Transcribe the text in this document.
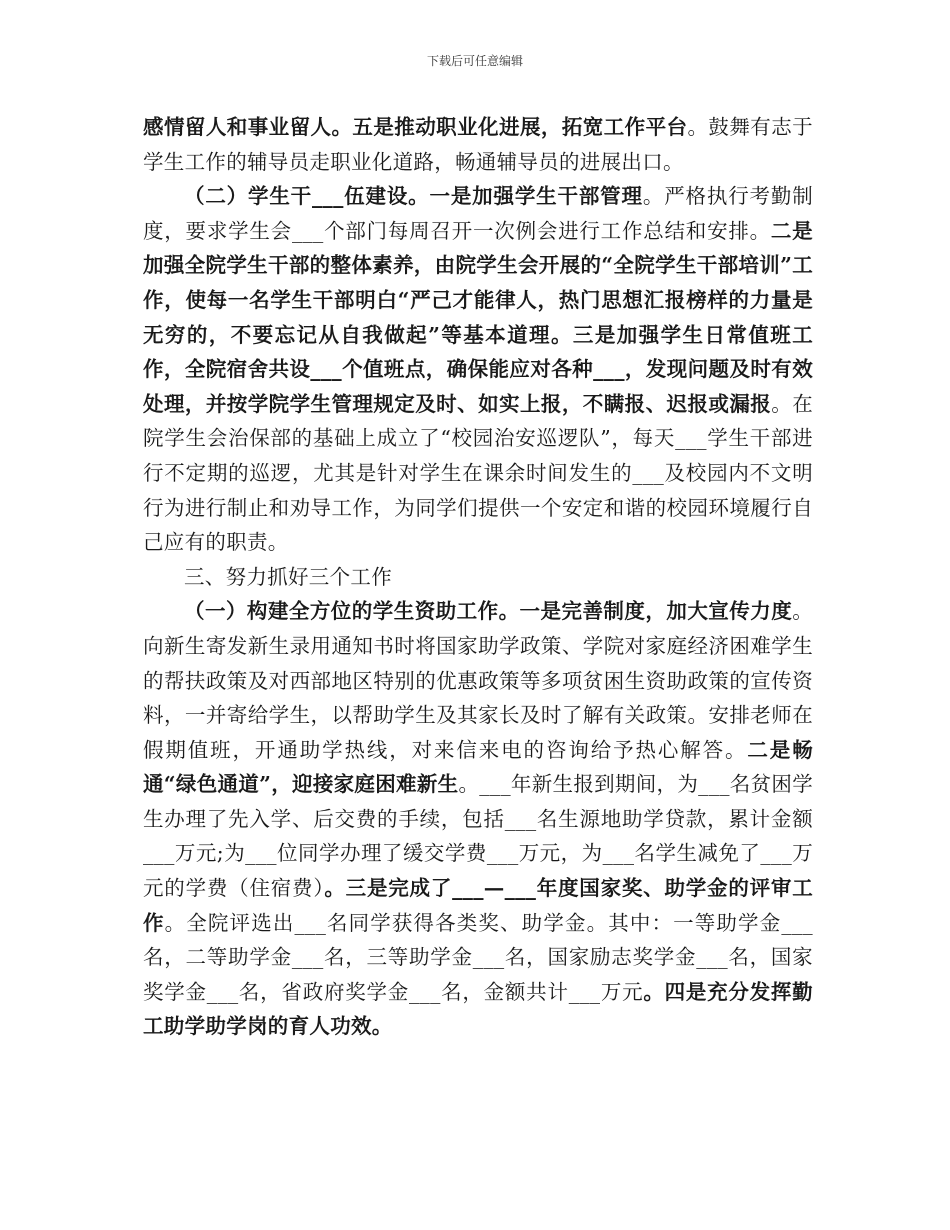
下载后可任意编辑

感情留人和事业留人。五是推动职业化进展，拓宽工作平台。鼓舞有志于学生工作的辅导员走职业化道路，畅通辅导员的进展出口。

（二）学生干___伍建设。一是加强学生干部管理。严格执行考勤制度，要求学生会___个部门每周召开一次例会进行工作总结和安排。二是加强全院学生干部的整体素养，由院学生会开展的“全院学生干部培训”工作，使每一名学生干部明白“严己才能律人，热门思想汇报榜样的力量是无穷的，不要忘记从自我做起”等基本道理。三是加强学生日常值班工作，全院宿舍共设___个值班点，确保能应对各种___，发现问题及时有效处理，并按学院学生管理规定及时、如实上报，不瞒报、迟报或漏报。在院学生会治保部的基础上成立了“校园治安巡逻队”，每天___学生干部进行不定期的巡逻，尤其是针对学生在课余时间发生的___及校园内不文明行为进行制止和劝导工作，为同学们提供一个安定和谐的校园环境履行自己应有的职责。

三、努力抓好三个工作

（一）构建全方位的学生资助工作。一是完善制度，加大宣传力度。向新生寄发新生录用通知书时将国家助学政策、学院对家庭经济困难学生的帮扶政策及对西部地区特别的优惠政策等多项贫困生资助政策的宣传资料，一并寄给学生，以帮助学生及其家长及时了解有关政策。安排老师在假期值班，开通助学热线，对来信来电的咨询给予热心解答。二是畅通“绿色通道”，迎接家庭困难新生。___年新生报到期间，为___名贫困学生办理了先入学、后交费的手续，包括___名生源地助学贷款，累计金额___万元;为___位同学办理了缓交学费___万元，为___名学生减免了___万元的学费（住宿费）。三是完成了___—___年度国家奖、助学金的评审工作。全院评选出___名同学获得各类奖、助学金。其中：一等助学金___名，二等助学金___名，三等助学金___名，国家励志奖学金___名，国家奖学金___名，省政府奖学金___名，金额共计___万元。四是充分发挥勤工助学助学岗的育人功效。
